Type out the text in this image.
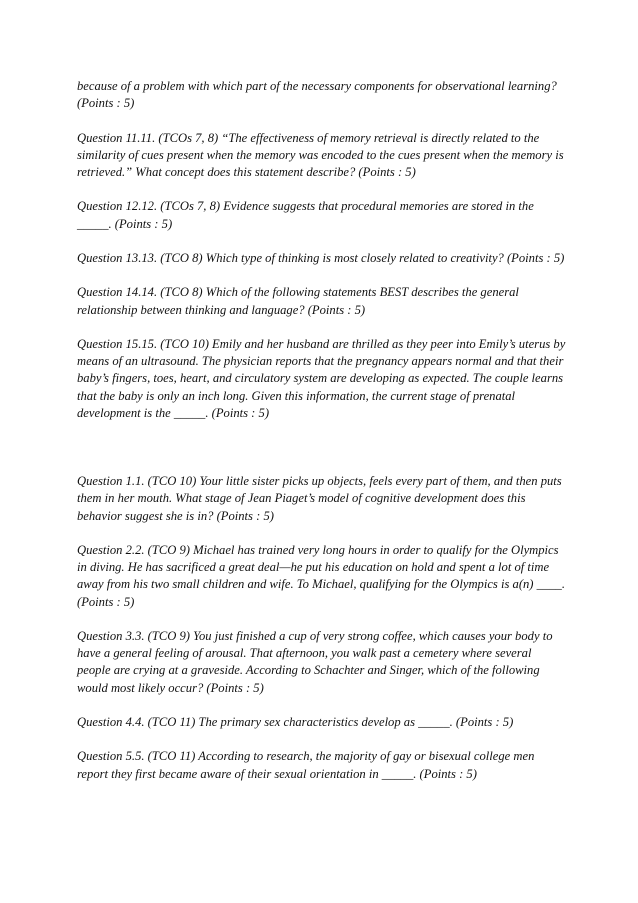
because of a problem with which part of the necessary components for observational learning? (Points : 5)

Question 11.11. (TCOs 7, 8) “The effectiveness of memory retrieval is directly related to the similarity of cues present when the memory was encoded to the cues present when the memory is retrieved.” What concept does this statement describe? (Points : 5)

Question 12.12. (TCOs 7, 8) Evidence suggests that procedural memories are stored in the _____. (Points : 5)

Question 13.13. (TCO 8) Which type of thinking is most closely related to creativity? (Points : 5)

Question 14.14. (TCO 8) Which of the following statements BEST describes the general relationship between thinking and language? (Points : 5)

Question 15.15. (TCO 10) Emily and her husband are thrilled as they peer into Emily’s uterus by means of an ultrasound. The physician reports that the pregnancy appears normal and that their baby’s fingers, toes, heart, and circulatory system are developing as expected. The couple learns that the baby is only an inch long. Given this information, the current stage of prenatal development is the _____. (Points : 5)

Question 1.1. (TCO 10) Your little sister picks up objects, feels every part of them, and then puts them in her mouth. What stage of Jean Piaget’s model of cognitive development does this behavior suggest she is in? (Points : 5)

Question 2.2. (TCO 9) Michael has trained very long hours in order to qualify for the Olympics in diving. He has sacrificed a great deal—he put his education on hold and spent a lot of time away from his two small children and wife. To Michael, qualifying for the Olympics is a(n) ____. (Points : 5)

Question 3.3. (TCO 9) You just finished a cup of very strong coffee, which causes your body to have a general feeling of arousal. That afternoon, you walk past a cemetery where several people are crying at a graveside. According to Schachter and Singer, which of the following would most likely occur? (Points : 5)

Question 4.4. (TCO 11) The primary sex characteristics develop as _____. (Points : 5)

Question 5.5. (TCO 11) According to research, the majority of gay or bisexual college men report they first became aware of their sexual orientation in _____. (Points : 5)
